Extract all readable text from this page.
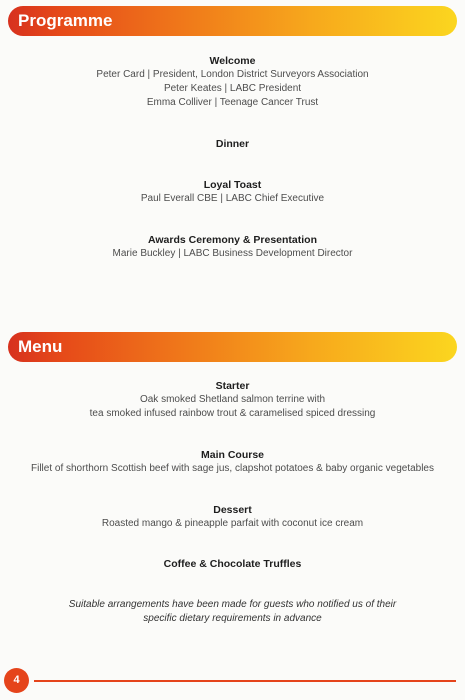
Programme

Welcome

Peter Card | President, London District Surveyors Association

Peter Keates | LABC President

Emma Colliver | Teenage Cancer Trust

Dinner

Loyal Toast

Paul Everall CBE | LABC Chief Executive

Awards Ceremony & Presentation

Marie Buckley | LABC Business Development Director

Menu

Starter

Oak smoked Shetland salmon terrine with

tea smoked infused rainbow trout & caramelised spiced dressing

Main Course

Fillet of shorthorn Scottish beef with sage jus, clapshot potatoes & baby organic vegetables

Dessert

Roasted mango & pineapple parfait with coconut ice cream

Coffee & Chocolate Truffles

Suitable arrangements have been made for guests who notified us of their

specific dietary requirements in advance

4
